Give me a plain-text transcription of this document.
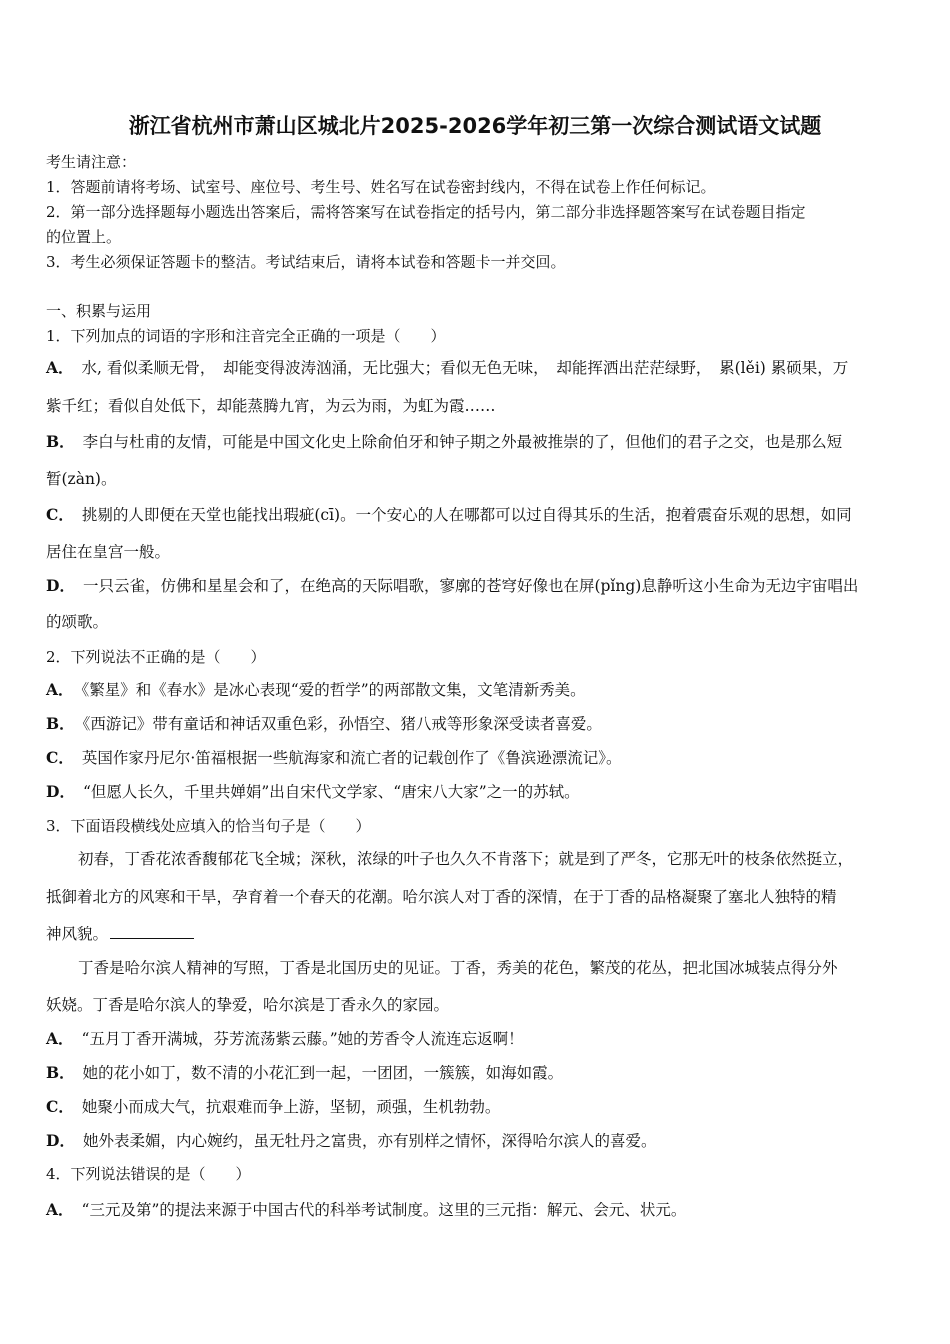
浙江省杭州市萧山区城北片2025-2026学年初三第一次综合测试语文试题
考生请注意：
1．答题前请将考场、试室号、座位号、考生号、姓名写在试卷密封线内，不得在试卷上作任何标记。
2．第一部分选择题每小题选出答案后，需将答案写在试卷指定的括号内，第二部分非选择题答案写在试卷题目指定
的位置上。
3．考生必须保证答题卡的整洁。考试结束后，请将本试卷和答题卡一并交回。
一、积累与运用
1．下列加点的词语的字形和注音完全正确的一项是（　　）
A． 水, 看似柔顺无骨，　却能变得波涛汹涌，无比强大；看似无色无味，　却能挥洒出茫茫绿野，　累(lěi) 累硕果，万
紫千红；看似自处低下，却能蒸腾九宵，为云为雨，为虹为霞……
B． 李白与杜甫的友情，可能是中国文化史上除俞伯牙和钟子期之外最被推崇的了，但他们的君子之交，也是那么短
暂(zàn)。
C． 挑剔的人即便在天堂也能找出瑕疵(cī)。一个安心的人在哪都可以过自得其乐的生活，抱着震奋乐观的思想，如同
居住在皇宫一般。
D． 一只云雀，仿佛和星星会和了，在绝高的天际唱歌，寥廓的苍穹好像也在屏(pǐng)息静听这小生命为无边宇宙唱出
的颂歌。
2．下列说法不正确的是（　　）
A． 《繁星》和《春水》是冰心表现“爱的哲学”的两部散文集，文笔清新秀美。
B． 《西游记》带有童话和神话双重色彩，孙悟空、猪八戒等形象深受读者喜爱。
C． 英国作家丹尼尔·笛福根据一些航海家和流亡者的记载创作了《鲁滨逊漂流记》。
D． “但愿人长久，千里共婵娟”出自宋代文学家、“唐宋八大家”之一的苏轼。
3．下面语段横线处应填入的恰当句子是（　　）
初春，丁香花浓香馥郁花飞全城；深秋，浓绿的叶子也久久不肯落下；就是到了严冬，它那无叶的枝条依然挺立，
抵御着北方的风寒和干旱，孕育着一个春天的花潮。哈尔滨人对丁香的深情，在于丁香的品格凝聚了塞北人独特的精
神风貌。
丁香是哈尔滨人精神的写照，丁香是北国历史的见证。丁香，秀美的花色，繁茂的花丛，把北国冰城装点得分外
妖娆。丁香是哈尔滨人的挚爱，哈尔滨是丁香永久的家园。
A． “五月丁香开满城，芬芳流荡紫云藤。”她的芳香令人流连忘返啊！
B． 她的花小如丁，数不清的小花汇到一起，一团团，一簇簇，如海如霞。
C． 她聚小而成大气，抗艰难而争上游，坚韧，顽强，生机勃勃。
D． 她外表柔媚，内心婉约，虽无牡丹之富贵，亦有别样之情怀，深得哈尔滨人的喜爱。
4．下列说法错误的是（　　）
A． “三元及第”的提法来源于中国古代的科举考试制度。这里的三元指：解元、会元、状元。
